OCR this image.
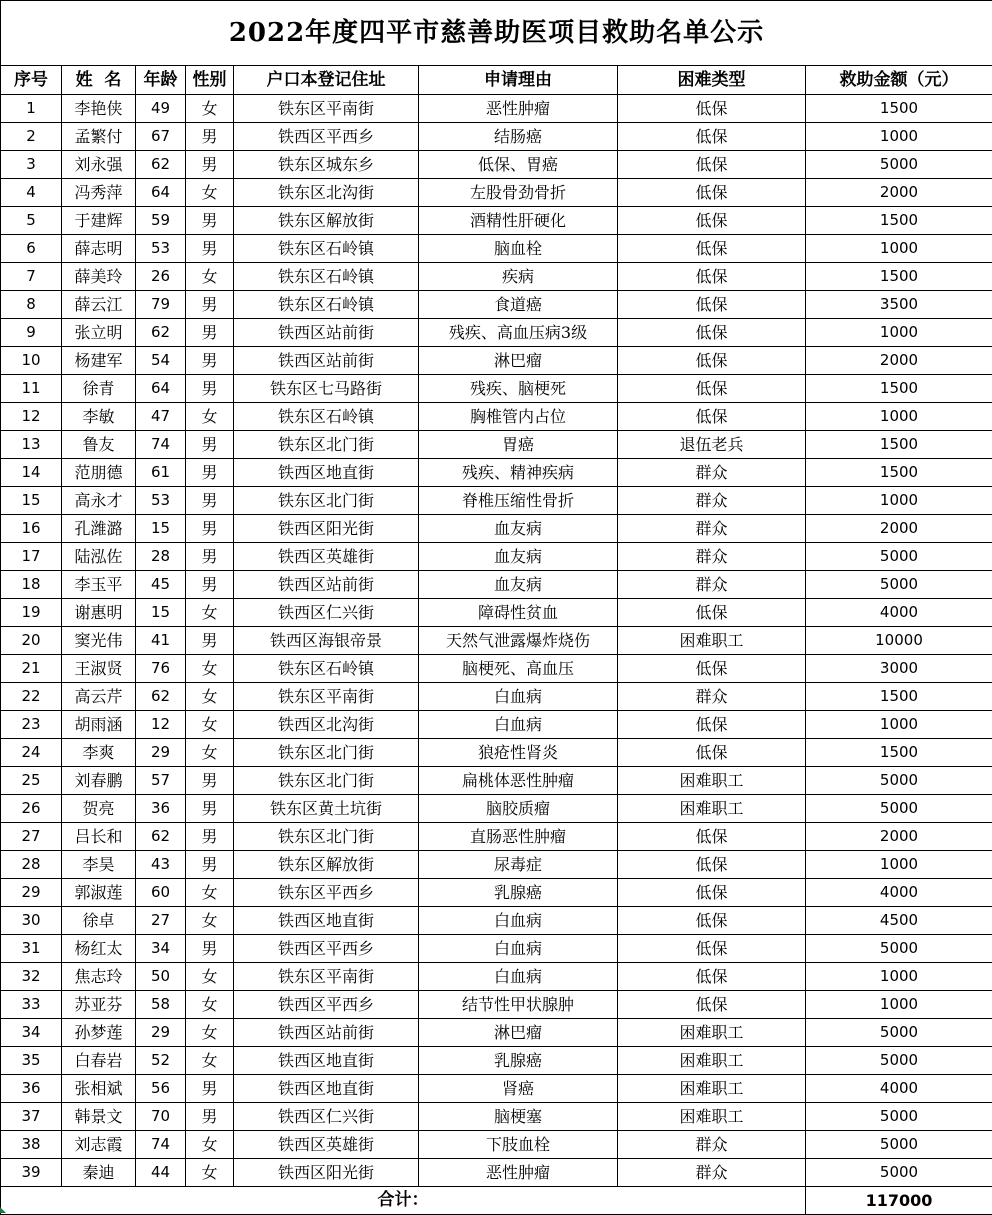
2022年度四平市慈善助医项目救助名单公示							
序号	姓  名	年龄	性别	户口本登记住址	申请理由	困难类型	救助金额（元）
1	李艳侠	49	女	铁东区平南街	恶性肿瘤	低保	1500
2	孟繁付	67	男	铁西区平西乡	结肠癌	低保	1000
3	刘永强	62	男	铁东区城东乡	低保、胃癌	低保	5000
4	冯秀萍	64	女	铁东区北沟街	左股骨劲骨折	低保	2000
5	于建辉	59	男	铁东区解放街	酒精性肝硬化	低保	1500
6	薛志明	53	男	铁东区石岭镇	脑血栓	低保	1000
7	薛美玲	26	女	铁东区石岭镇	疾病	低保	1500
8	薛云江	79	男	铁东区石岭镇	食道癌	低保	3500
9	张立明	62	男	铁西区站前街	残疾、高血压病3级	低保	1000
10	杨建军	54	男	铁西区站前街	淋巴瘤	低保	2000
11	徐青	64	男	铁东区七马路街	残疾、脑梗死	低保	1500
12	李敏	47	女	铁东区石岭镇	胸椎管内占位	低保	1000
13	鲁友	74	男	铁东区北门街	胃癌	退伍老兵	1500
14	范朋德	61	男	铁西区地直街	残疾、精神疾病	群众	1500
15	高永才	53	男	铁东区北门街	脊椎压缩性骨折	群众	1000
16	孔潍潞	15	男	铁西区阳光街	血友病	群众	2000
17	陆泓佐	28	男	铁西区英雄街	血友病	群众	5000
18	李玉平	45	男	铁西区站前街	血友病	群众	5000
19	谢惠明	15	女	铁西区仁兴街	障碍性贫血	低保	4000
20	窦光伟	41	男	铁西区海银帝景	天然气泄露爆炸烧伤	困难职工	10000
21	王淑贤	76	女	铁东区石岭镇	脑梗死、高血压	低保	3000
22	高云芹	62	女	铁东区平南街	白血病	群众	1500
23	胡雨涵	12	女	铁西区北沟街	白血病	低保	1000
24	李爽	29	女	铁东区北门街	狼疮性肾炎	低保	1500
25	刘春鹏	57	男	铁东区北门街	扁桃体恶性肿瘤	困难职工	5000
26	贺亮	36	男	铁东区黄土坑街	脑胶质瘤	困难职工	5000
27	吕长和	62	男	铁东区北门街	直肠恶性肿瘤	低保	2000
28	李昊	43	男	铁东区解放街	尿毒症	低保	1000
29	郭淑莲	60	女	铁东区平西乡	乳腺癌	低保	4000
30	徐卓	27	女	铁西区地直街	白血病	低保	4500
31	杨红太	34	男	铁西区平西乡	白血病	低保	5000
32	焦志玲	50	女	铁东区平南街	白血病	低保	1000
33	苏亚芬	58	女	铁西区平西乡	结节性甲状腺肿	低保	1000
34	孙梦莲	29	女	铁西区站前街	淋巴瘤	困难职工	5000
35	白春岩	52	女	铁西区地直街	乳腺癌	困难职工	5000
36	张相斌	56	男	铁西区地直街	肾癌	困难职工	4000
37	韩景文	70	男	铁西区仁兴街	脑梗塞	困难职工	5000
38	刘志霞	74	女	铁西区英雄街	下肢血栓	群众	5000
39	秦迪	44	女	铁西区阳光街	恶性肿瘤	群众	5000
合计：							117000
